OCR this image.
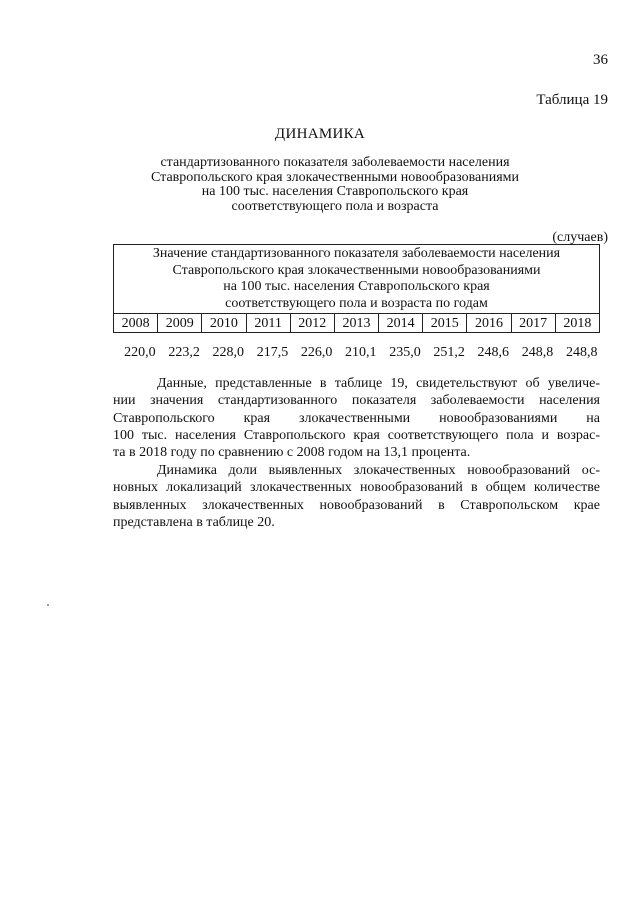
36
Таблица 19
ДИНАМИКА
стандартизованного показателя заболеваемости населения
Ставропольского края злокачественными новообразованиями
на 100 тыс. населения Ставропольского края
соответствующего пола и возраста
(случаев)
Значение стандартизованного показателя заболеваемости населения
Ставропольского края злокачественными новообразованиями
на 100 тыс. населения Ставропольского края
соответствующего пола и возраста по годам										

2008	2009	2010	2011	2012	2013	2014	2015	2016	2017	2018
220,0	223,2	228,0	217,5	226,0	210,1	235,0	251,2	248,6	248,8	248,8
Данные, представленные в таблице 19, свидетельствуют об увеличе-
нии значения стандартизованного показателя заболеваемости населения
Ставропольского края злокачественными новообразованиями на
100 тыс. населения Ставропольского края соответствующего пола и возрас-
та в 2018 году по сравнению с 2008 годом на 13,1 процента.
Динамика доли выявленных злокачественных новообразований ос-
новных локализаций злокачественных новообразований в общем количестве
выявленных злокачественных новообразований в Ставропольском крае
представлена в таблице 20.
